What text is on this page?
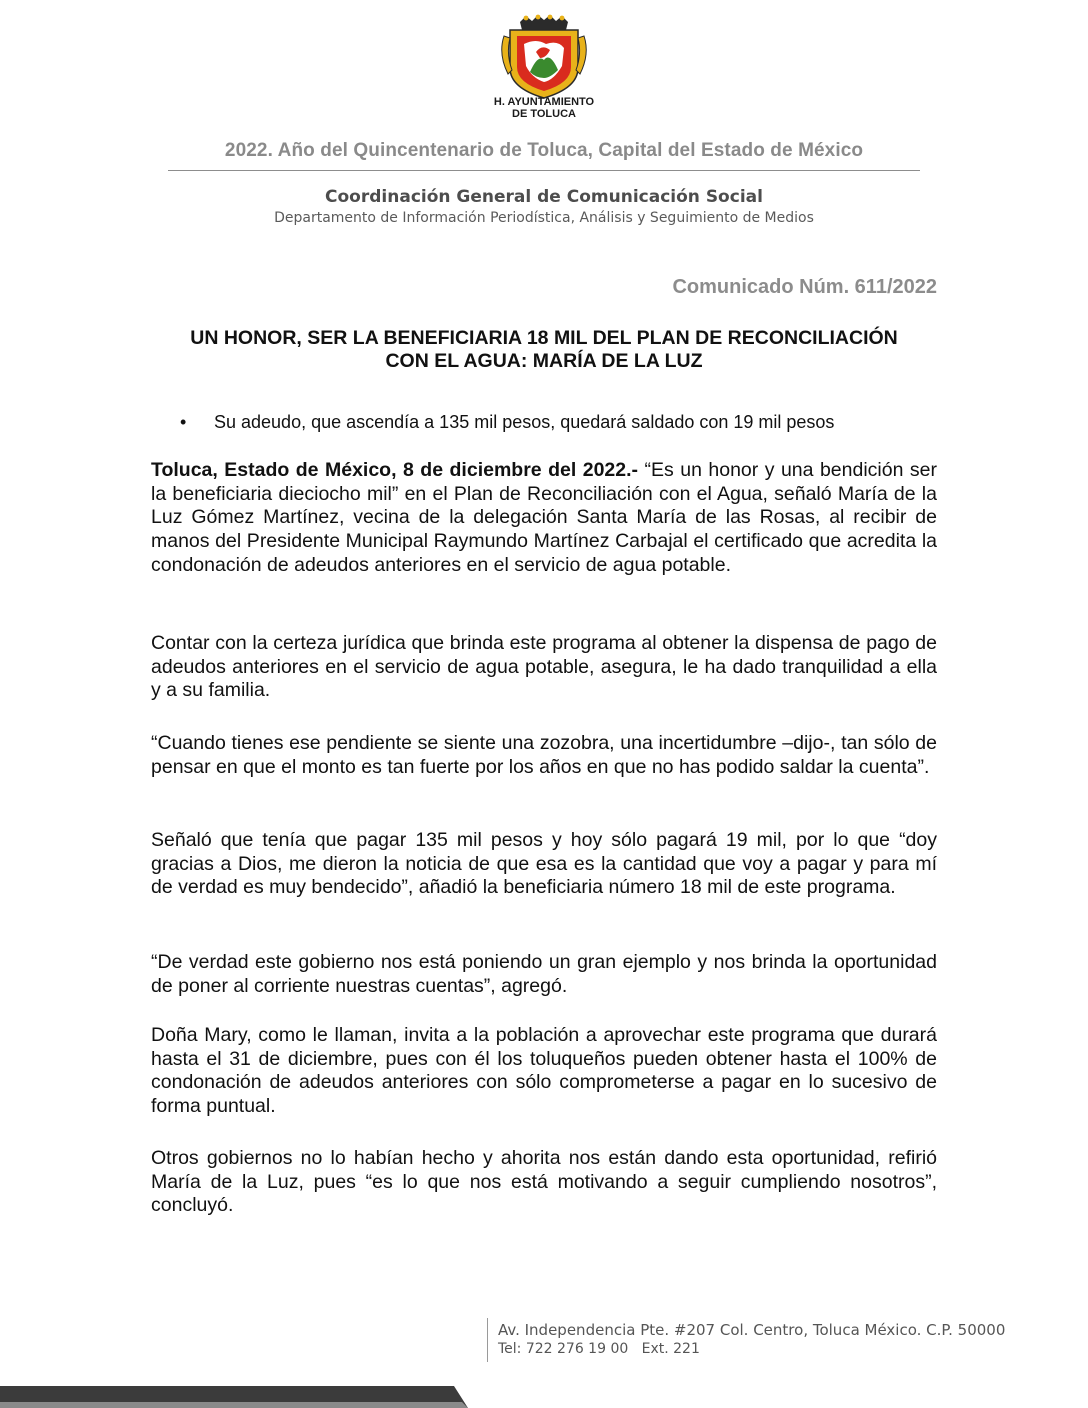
H. AYUNTAMIENTO
DE TOLUCA
2022. Año del Quincentenario de Toluca, Capital del Estado de México
Coordinación General de Comunicación Social
Departamento de Información Periodística, Análisis y Seguimiento de Medios
Comunicado Núm. 611/2022
UN HONOR, SER LA BENEFICIARIA 18 MIL DEL PLAN DE RECONCILIACIÓN
CON EL AGUA: MARÍA DE LA LUZ
• Su adeudo, que ascendía a 135 mil pesos, quedará saldado con 19 mil pesos
Toluca, Estado de México, 8 de diciembre del 2022.- “Es un honor y una bendición ser la beneficiaria dieciocho mil” en el Plan de Reconciliación con el Agua, señaló María de la Luz Gómez Martínez, vecina de la delegación Santa María de las Rosas, al recibir de manos del Presidente Municipal Raymundo Martínez Carbajal el certificado que acredita la condonación de adeudos anteriores en el servicio de agua potable.
Contar con la certeza jurídica que brinda este programa al obtener la dispensa de pago de adeudos anteriores en el servicio de agua potable, asegura, le ha dado tranquilidad a ella y a su familia.
“Cuando tienes ese pendiente se siente una zozobra, una incertidumbre –dijo-, tan sólo de pensar en que el monto es tan fuerte por los años en que no has podido saldar la cuenta”.
Señaló que tenía que pagar 135 mil pesos y hoy sólo pagará 19 mil, por lo que “doy gracias a Dios, me dieron la noticia de que esa es la cantidad que voy a pagar y para mí de verdad es muy bendecido”, añadió la beneficiaria número 18 mil de este programa.
“De verdad este gobierno nos está poniendo un gran ejemplo y nos brinda la oportunidad de poner al corriente nuestras cuentas”, agregó.
Doña Mary, como le llaman, invita a la población a aprovechar este programa que durará hasta el 31 de diciembre, pues con él los toluqueños pueden obtener hasta el 100% de condonación de adeudos anteriores con sólo comprometerse a pagar en lo sucesivo de forma puntual.
Otros gobiernos no lo habían hecho y ahorita nos están dando esta oportunidad, refirió María de la Luz, pues “es lo que nos está motivando a seguir cumpliendo nosotros”, concluyó.
Av. Independencia Pte. #207 Col. Centro, Toluca México. C.P. 50000
Tel: 722 276 19 00 Ext. 221
